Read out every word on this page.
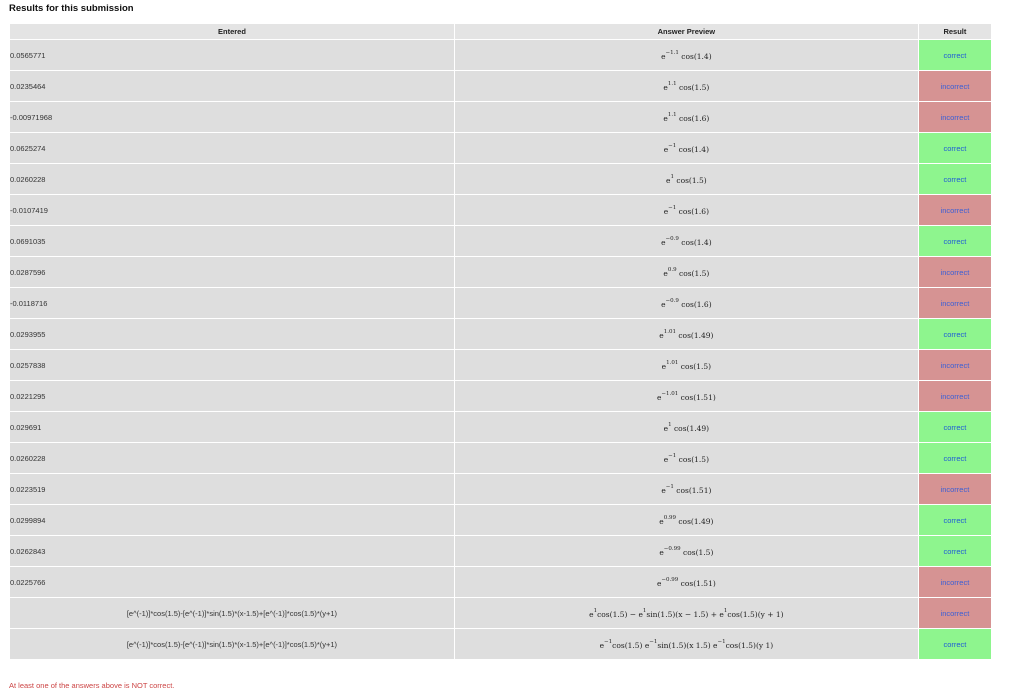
Results for this submission
Entered	Answer Preview	Result
0.0565771	$e^{-1.1}$ cos(1.4)	correct
0.0235464	$e^{1.1}$ cos(1.5)	incorrect
-0.00971968	$e^{1.1}$ cos(1.6)	incorrect
0.0625274	$e^{-1}$ cos(1.4)	correct
0.0260228	$e^1$ cos(1.5)	correct
-0.0107419	$e^{-1}$ cos(1.6)	incorrect
0.0691035	$e^{-0.9}$ cos(1.4)	correct
0.0287596	$e^{0.9}$ cos(1.5)	incorrect
-0.0118716	$e^{-0.9}$ cos(1.6)	incorrect
0.0293955	$e^{1.01}$ cos(1.49)	correct
0.0257838	$e^{1.01}$ cos(1.5)	incorrect
0.0221295	$e^{-1.01}$ cos(1.51)	incorrect
0.029691	$e^1$ cos(1.49)	correct
0.0260228	$e^{-1}$ cos(1.5)	correct
0.0223519	$e^{-1}$ cos(1.51)	incorrect
0.0299894	$e^{0.99}$ cos(1.49)	correct
0.0262843	$e^{-0.99}$ cos(1.5)	correct
0.0225766	$e^{-0.99}$ cos(1.51)	incorrect
[e^(-1)]*cos(1.5)-[e^(-1)]*sin(1.5)*(x-1.5)+[e^(-1)]*cos(1.5)*(y+1)	$e^1\cos(1.5) - e^1\sin(1.5)(x - 1.5) + e^1\cos(1.5)(y + 1)$	incorrect
[e^(-1)]*cos(1.5)-[e^(-1)]*sin(1.5)*(x-1.5)+[e^(-1)]*cos(1.5)*(y+1)	$e^{-1}\cos(1.5)$ $e^{-1}\sin(1.5)(x$ 1.5) $e^{-1}\cos(1.5)(y$ 1)	correct
At least one of the answers above is NOT correct.
